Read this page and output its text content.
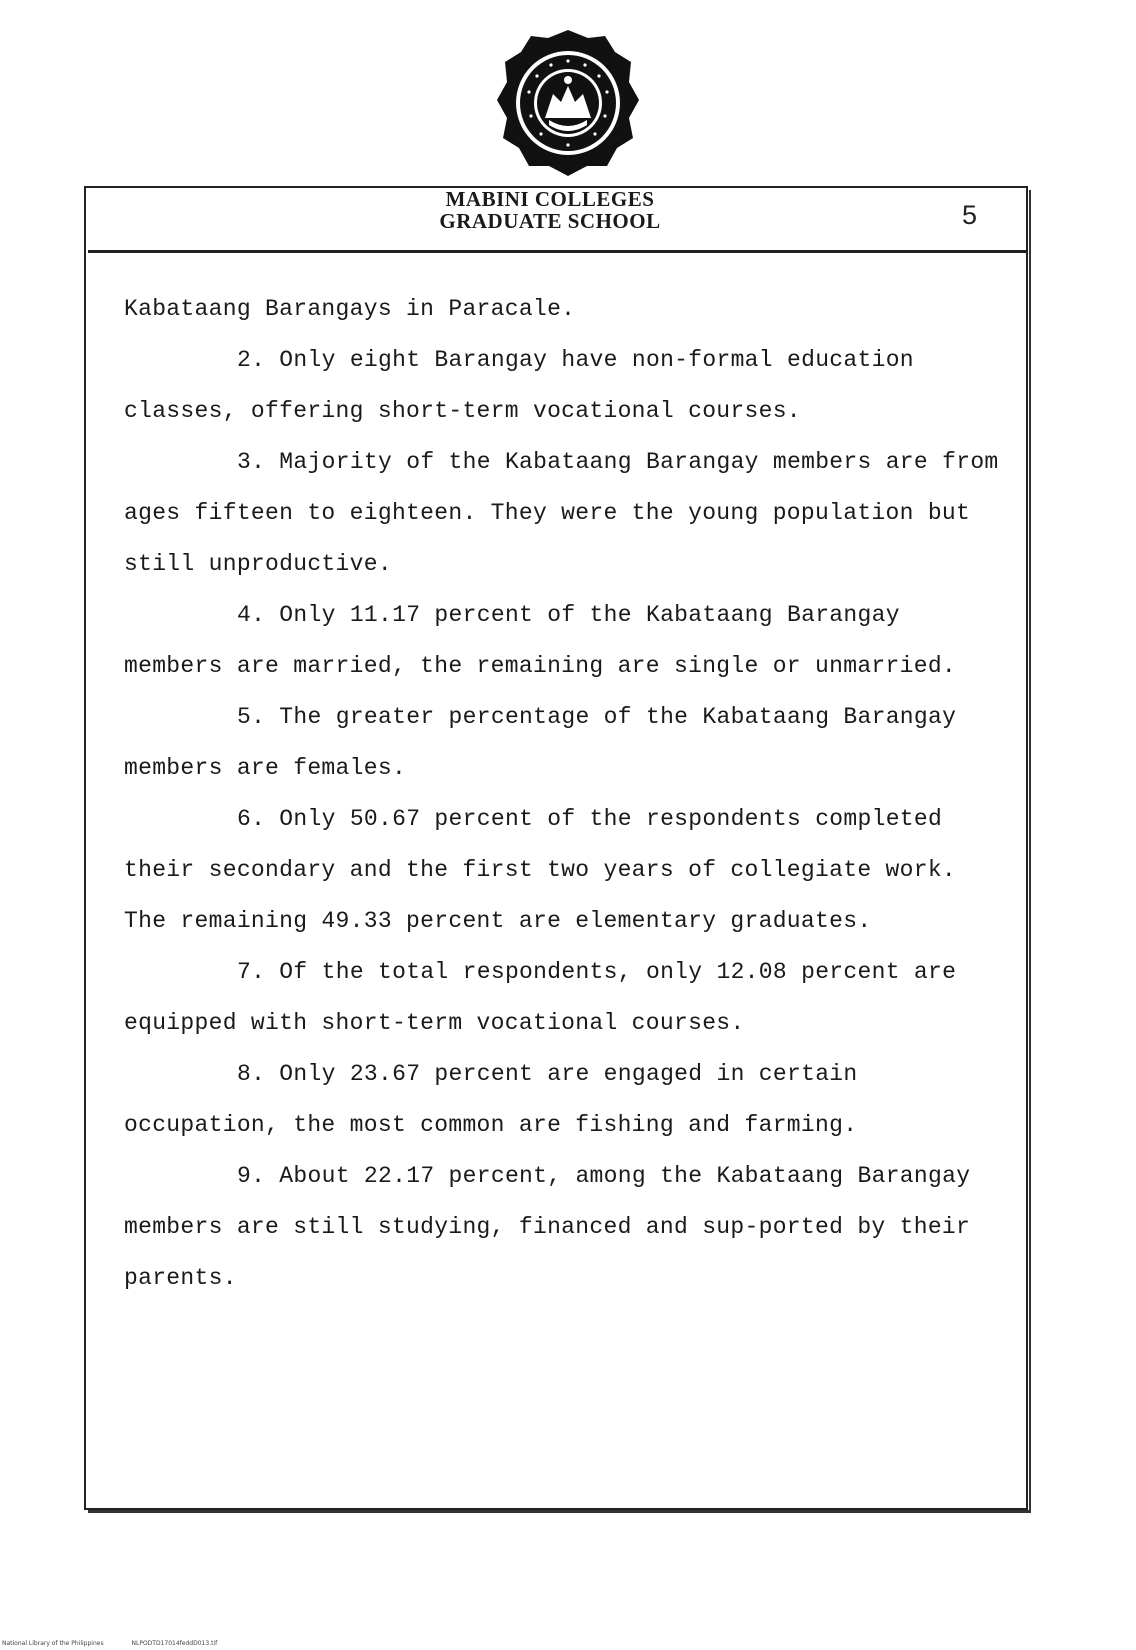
MABINI COLLEGES
GRADUATE SCHOOL	5

Kabataang Barangays in Paracale.

2. Only eight Barangay have non-formal education classes, offering short-term vocational courses.

3. Majority of the Kabataang Barangay members are from ages fifteen to eighteen. They were the young population but still unproductive.

4. Only 11.17 percent of the Kabataang Barangay members are married, the remaining are single or unmarried.

5. The greater percentage of the Kabataang Barangay members are females.

6. Only 50.67 percent of the respondents completed their secondary and the first two years of collegiate work. The remaining 49.33 percent are elementary graduates.

7. Of the total respondents, only 12.08 percent are equipped with short-term vocational courses.

8. Only 23.67 percent are engaged in certain occupation, the most common are fishing and farming.

9. About 22.17 percent, among the Kabataang Barangay members are still studying, financed and sup-ported by their parents.

National Library of the Philippines	NLPODTD17014feddD013.tif
